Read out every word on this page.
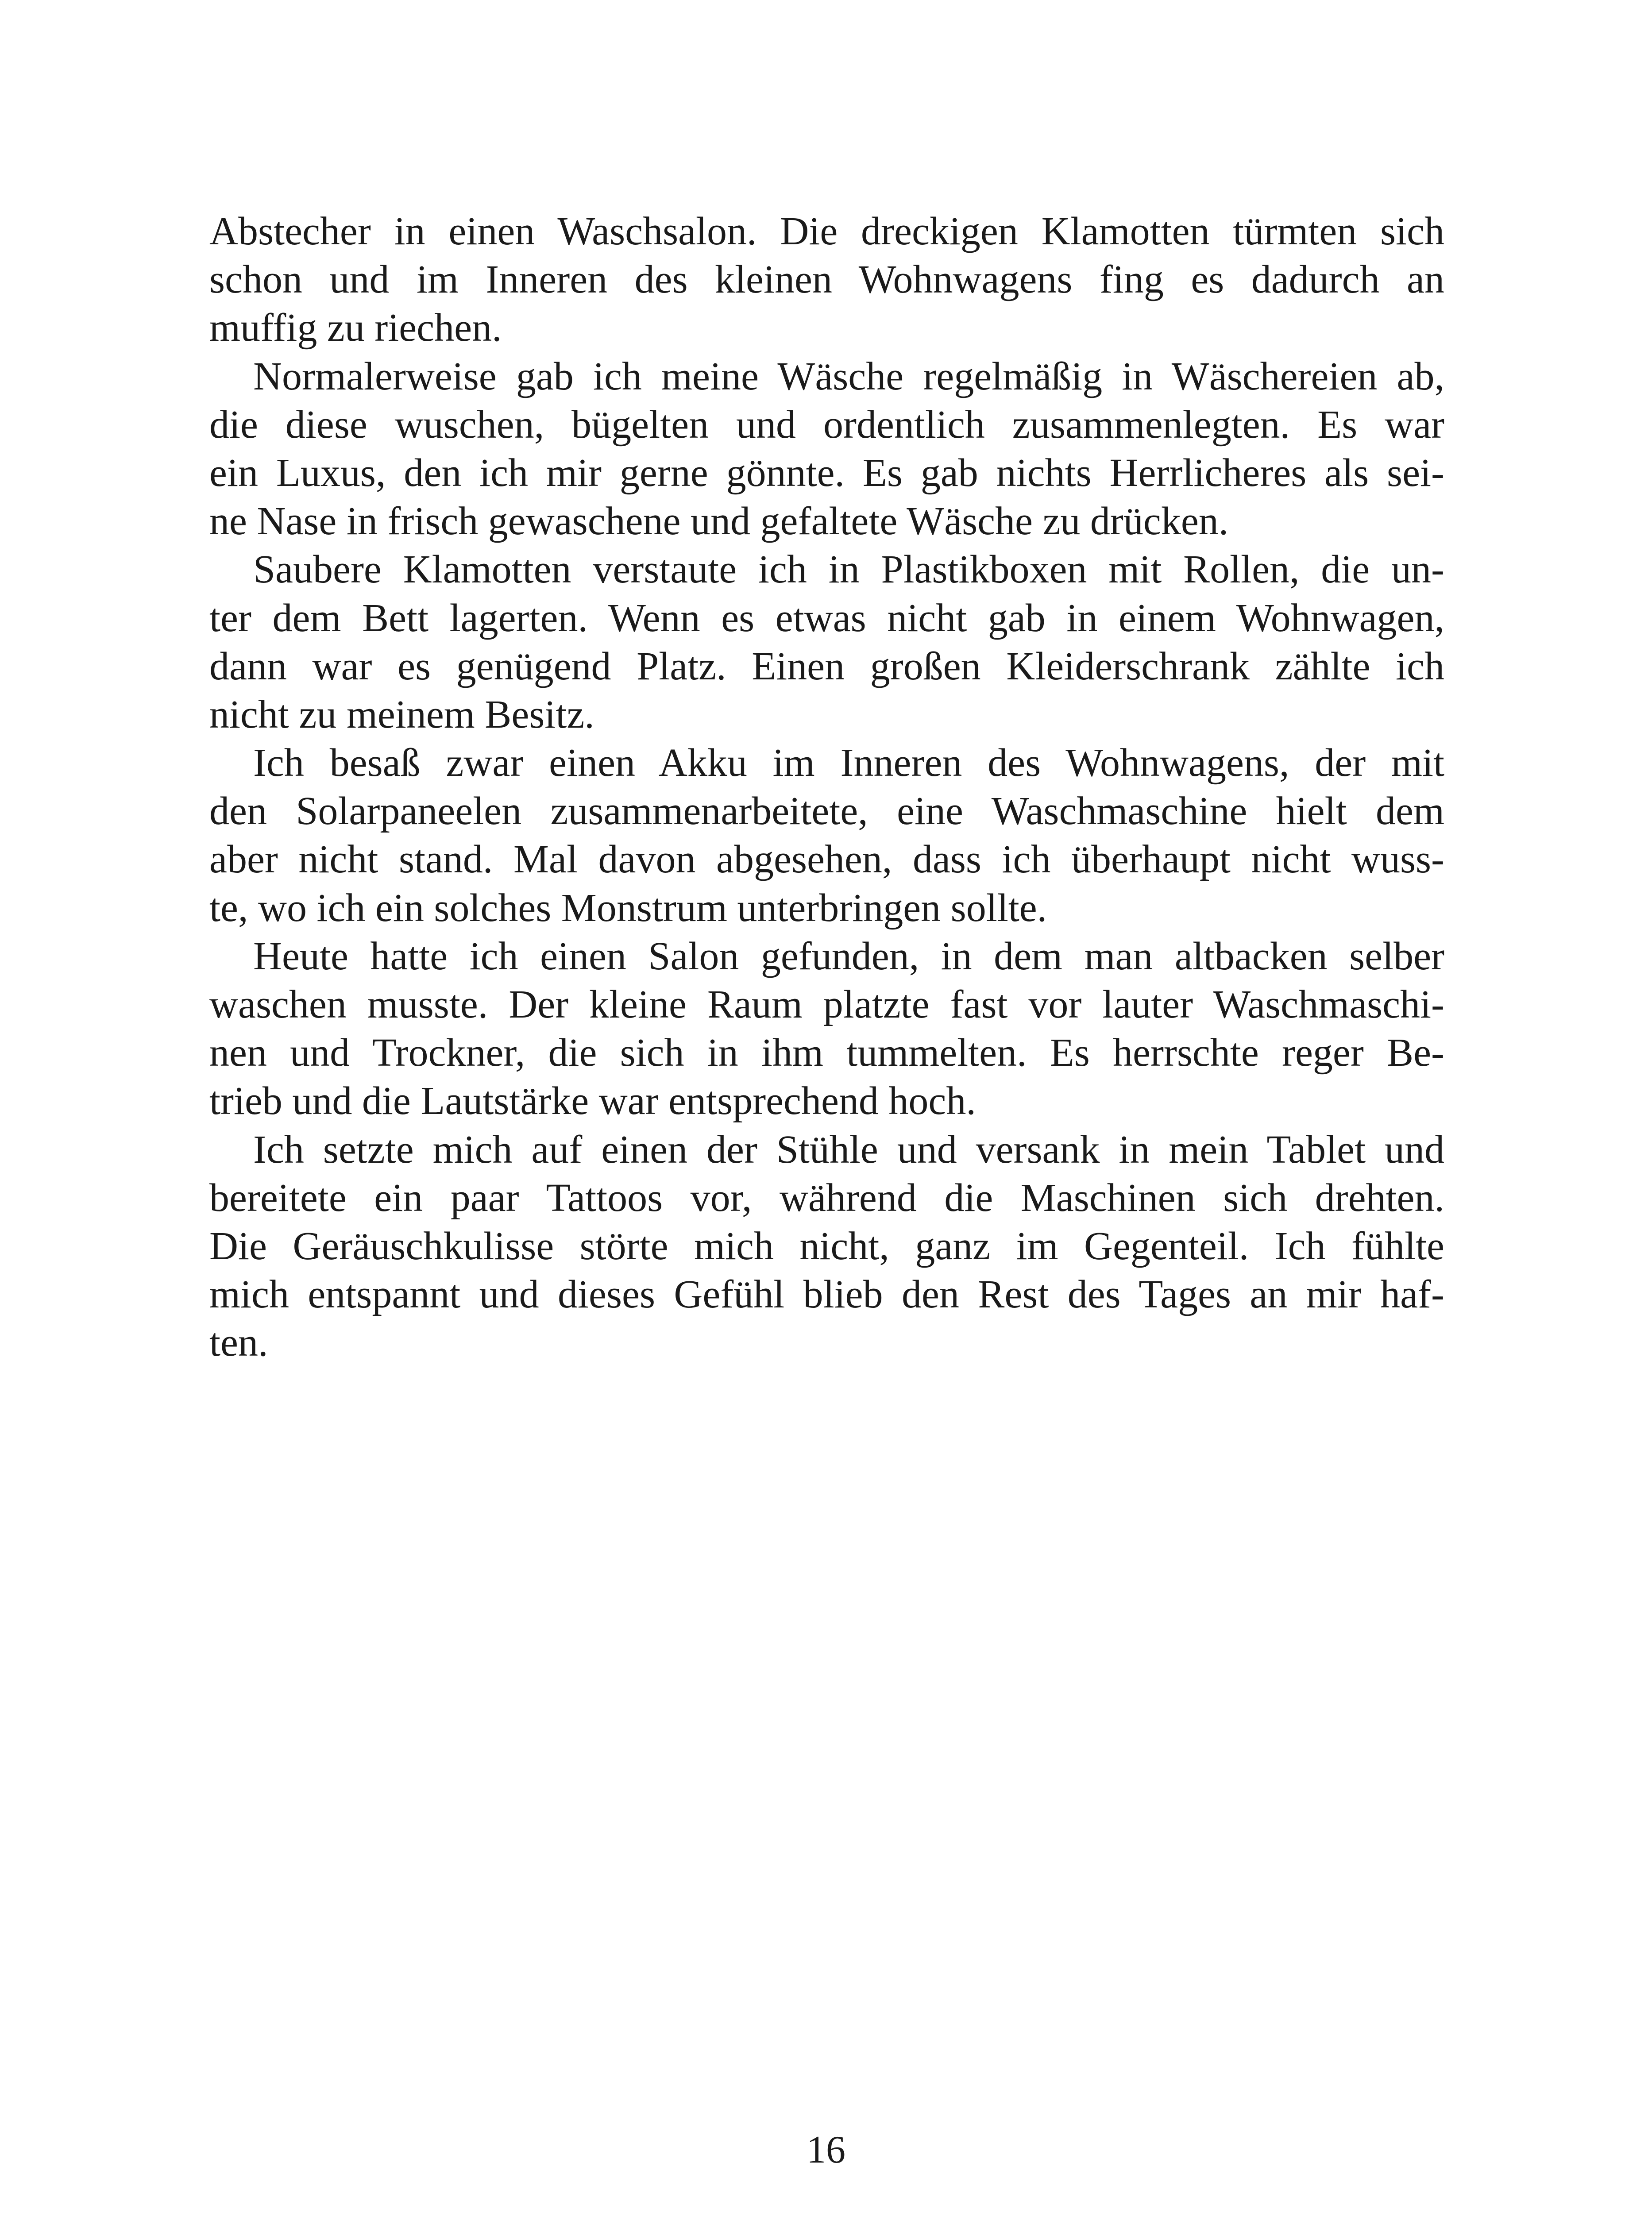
Abstecher in einen Waschsalon. Die dreckigen Klamotten türmten sich
schon und im Inneren des kleinen Wohnwagens fing es dadurch an
muffig zu riechen.
Normalerweise gab ich meine Wäsche regelmäßig in Wäschereien ab,
die diese wuschen, bügelten und ordentlich zusammenlegten. Es war
ein Luxus, den ich mir gerne gönnte. Es gab nichts Herrlicheres als sei-
ne Nase in frisch gewaschene und gefaltete Wäsche zu drücken.
Saubere Klamotten verstaute ich in Plastikboxen mit Rollen, die un-
ter dem Bett lagerten. Wenn es etwas nicht gab in einem Wohnwagen,
dann war es genügend Platz. Einen großen Kleiderschrank zählte ich
nicht zu meinem Besitz.
Ich besaß zwar einen Akku im Inneren des Wohnwagens, der mit
den Solarpaneelen zusammenarbeitete, eine Waschmaschine hielt dem
aber nicht stand. Mal davon abgesehen, dass ich überhaupt nicht wuss-
te, wo ich ein solches Monstrum unterbringen sollte.
Heute hatte ich einen Salon gefunden, in dem man altbacken selber
waschen musste. Der kleine Raum platzte fast vor lauter Waschmaschi-
nen und Trockner, die sich in ihm tummelten. Es herrschte reger Be-
trieb und die Lautstärke war entsprechend hoch.
Ich setzte mich auf einen der Stühle und versank in mein Tablet und
bereitete ein paar Tattoos vor, während die Maschinen sich drehten.
Die Geräuschkulisse störte mich nicht, ganz im Gegenteil. Ich fühlte
mich entspannt und dieses Gefühl blieb den Rest des Tages an mir haf-
ten.
16
